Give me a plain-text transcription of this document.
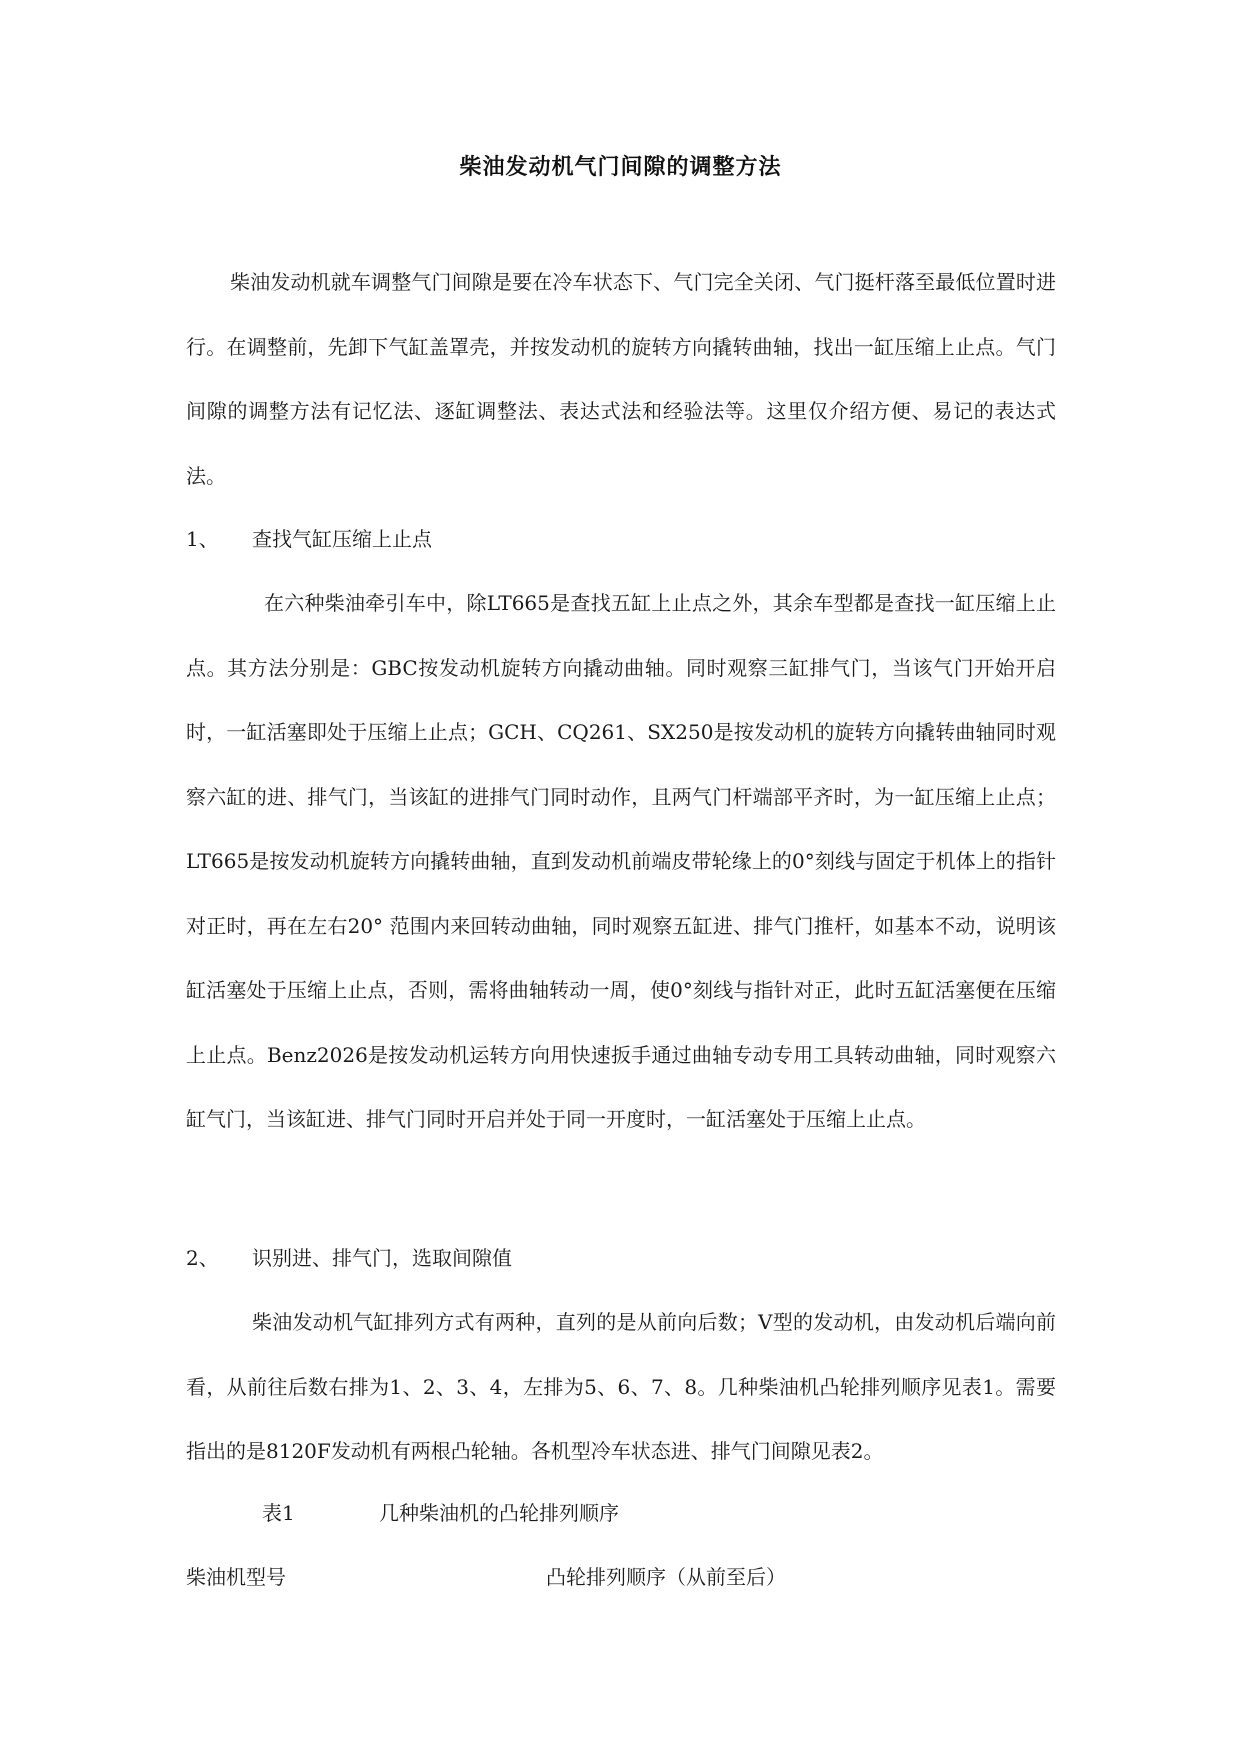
柴油发动机气门间隙的调整方法

柴油发动机就车调整气门间隙是要在冷车状态下、气门完全关闭、气门挺杆落至最低位置时进行。在调整前，先卸下气缸盖罩壳，并按发动机的旋转方向撬转曲轴，找出一缸压缩上止点。气门间隙的调整方法有记忆法、逐缸调整法、表达式法和经验法等。这里仅介绍方便、易记的表达式法。

1、 查找气缸压缩上止点

在六种柴油牵引车中，除LT665是查找五缸上止点之外，其余车型都是查找一缸压缩上止点。其方法分别是：GBC按发动机旋转方向撬动曲轴。同时观察三缸排气门，当该气门开始开启时，一缸活塞即处于压缩上止点；GCH、CQ261、SX250是按发动机的旋转方向撬转曲轴同时观察六缸的进、排气门，当该缸的进排气门同时动作，且两气门杆端部平齐时，为一缸压缩上止点；LT665是按发动机旋转方向撬转曲轴，直到发动机前端皮带轮缘上的0°刻线与固定于机体上的指针对正时，再在左右20° 范围内来回转动曲轴，同时观察五缸进、排气门推杆，如基本不动，说明该缸活塞处于压缩上止点，否则，需将曲轴转动一周，使0°刻线与指针对正，此时五缸活塞便在压缩上止点。Benz2026是按发动机运转方向用快速扳手通过曲轴专动专用工具转动曲轴，同时观察六缸气门，当该缸进、排气门同时开启并处于同一开度时，一缸活塞处于压缩上止点。

2、 识别进、排气门，选取间隙值

柴油发动机气缸排列方式有两种，直列的是从前向后数；V型的发动机，由发动机后端向前看，从前往后数右排为1、2、3、4，左排为5、6、7、8。几种柴油机凸轮排列顺序见表1。需要指出的是8120F发动机有两根凸轮轴。各机型冷车状态进、排气门间隙见表2。

表1	几种柴油机的凸轮排列顺序
柴油机型号	凸轮排列顺序（从前至后）
